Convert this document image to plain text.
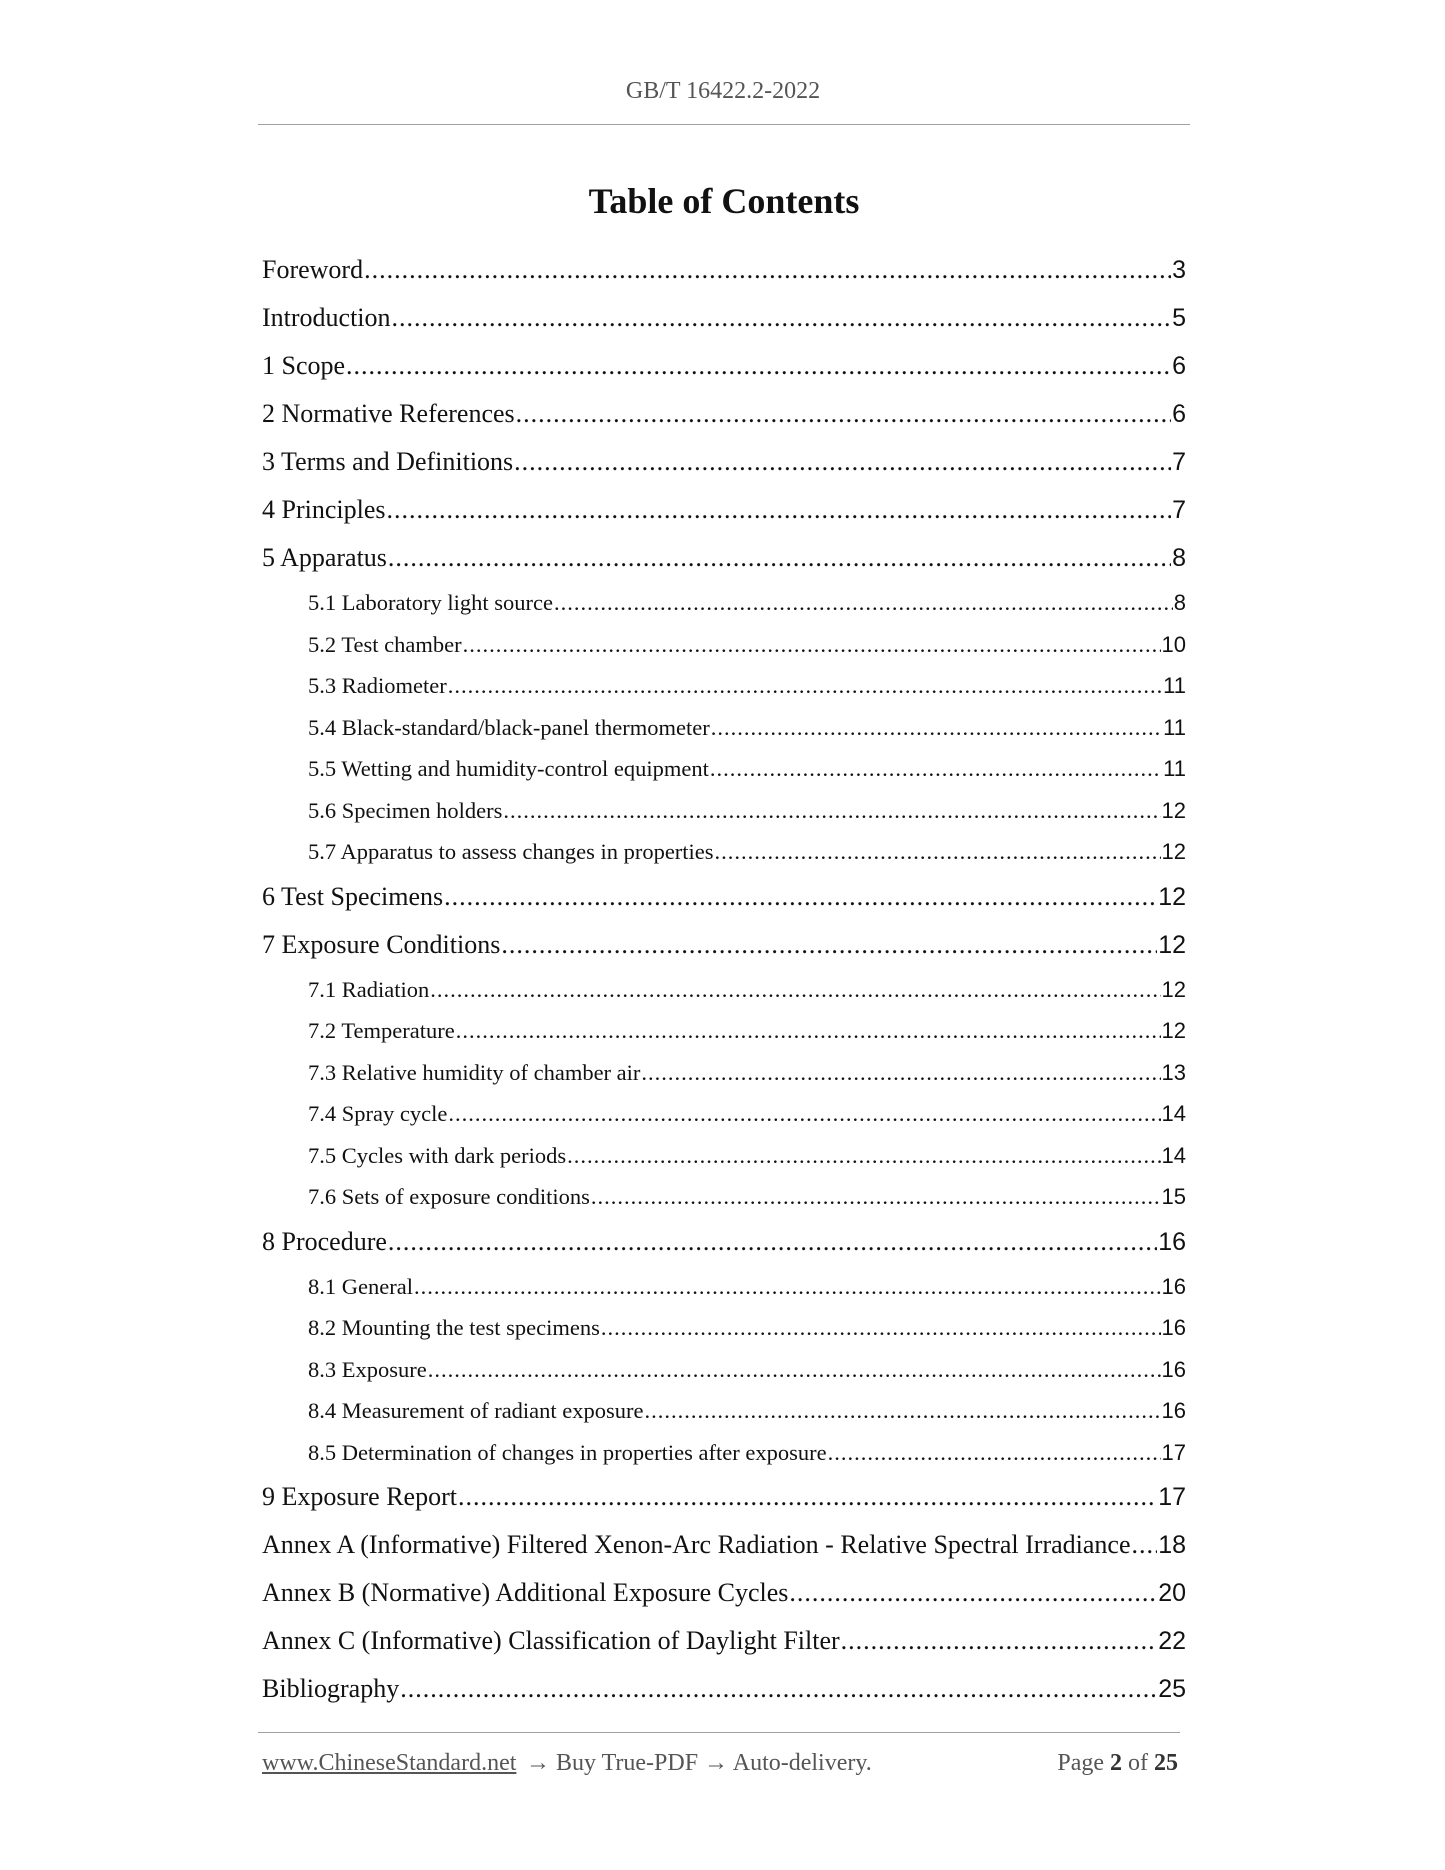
GB/T 16422.2-2022
Table of Contents
Foreword .....	3
Introduction .....	5
1 Scope .....	6
2 Normative References .....	6
3 Terms and Definitions .....	7
4 Principles .....	7
5 Apparatus .....	8
5.1 Laboratory light source .....	8
5.2 Test chamber .....	10
5.3 Radiometer .....	11
5.4 Black-standard/black-panel thermometer .....	11
5.5 Wetting and humidity-control equipment .....	11
5.6 Specimen holders .....	12
5.7 Apparatus to assess changes in properties .....	12
6 Test Specimens .....	12
7 Exposure Conditions .....	12
7.1 Radiation .....	12
7.2 Temperature .....	12
7.3 Relative humidity of chamber air .....	13
7.4 Spray cycle .....	14
7.5 Cycles with dark periods .....	14
7.6 Sets of exposure conditions .....	15
8 Procedure .....	16
8.1 General .....	16
8.2 Mounting the test specimens .....	16
8.3 Exposure .....	16
8.4 Measurement of radiant exposure .....	16
8.5 Determination of changes in properties after exposure .....	17
9 Exposure Report .....	17
Annex A (Informative) Filtered Xenon-Arc Radiation - Relative Spectral Irradiance ..... 18
Annex B (Normative) Additional Exposure Cycles .....	20
Annex C (Informative) Classification of Daylight Filter .....	22
Bibliography .....	25
www.ChineseStandard.net → Buy True-PDF → Auto-delivery.	Page 2 of 25
